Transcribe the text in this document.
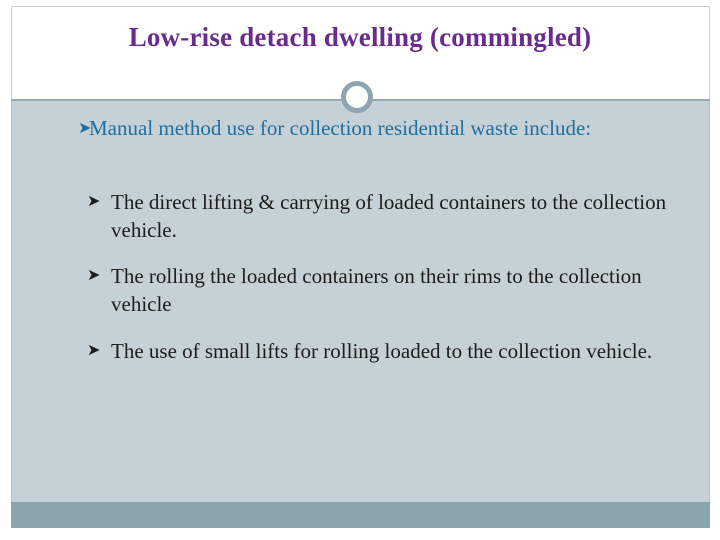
Low-rise detach dwelling (commingled)
➤
Manual method use for collection residential waste include:
➤ The direct lifting & carrying of loaded containers to the collection vehicle.
➤ The rolling the loaded containers on their rims to the collection vehicle
➤ The use of small lifts for rolling loaded to the collection vehicle.
